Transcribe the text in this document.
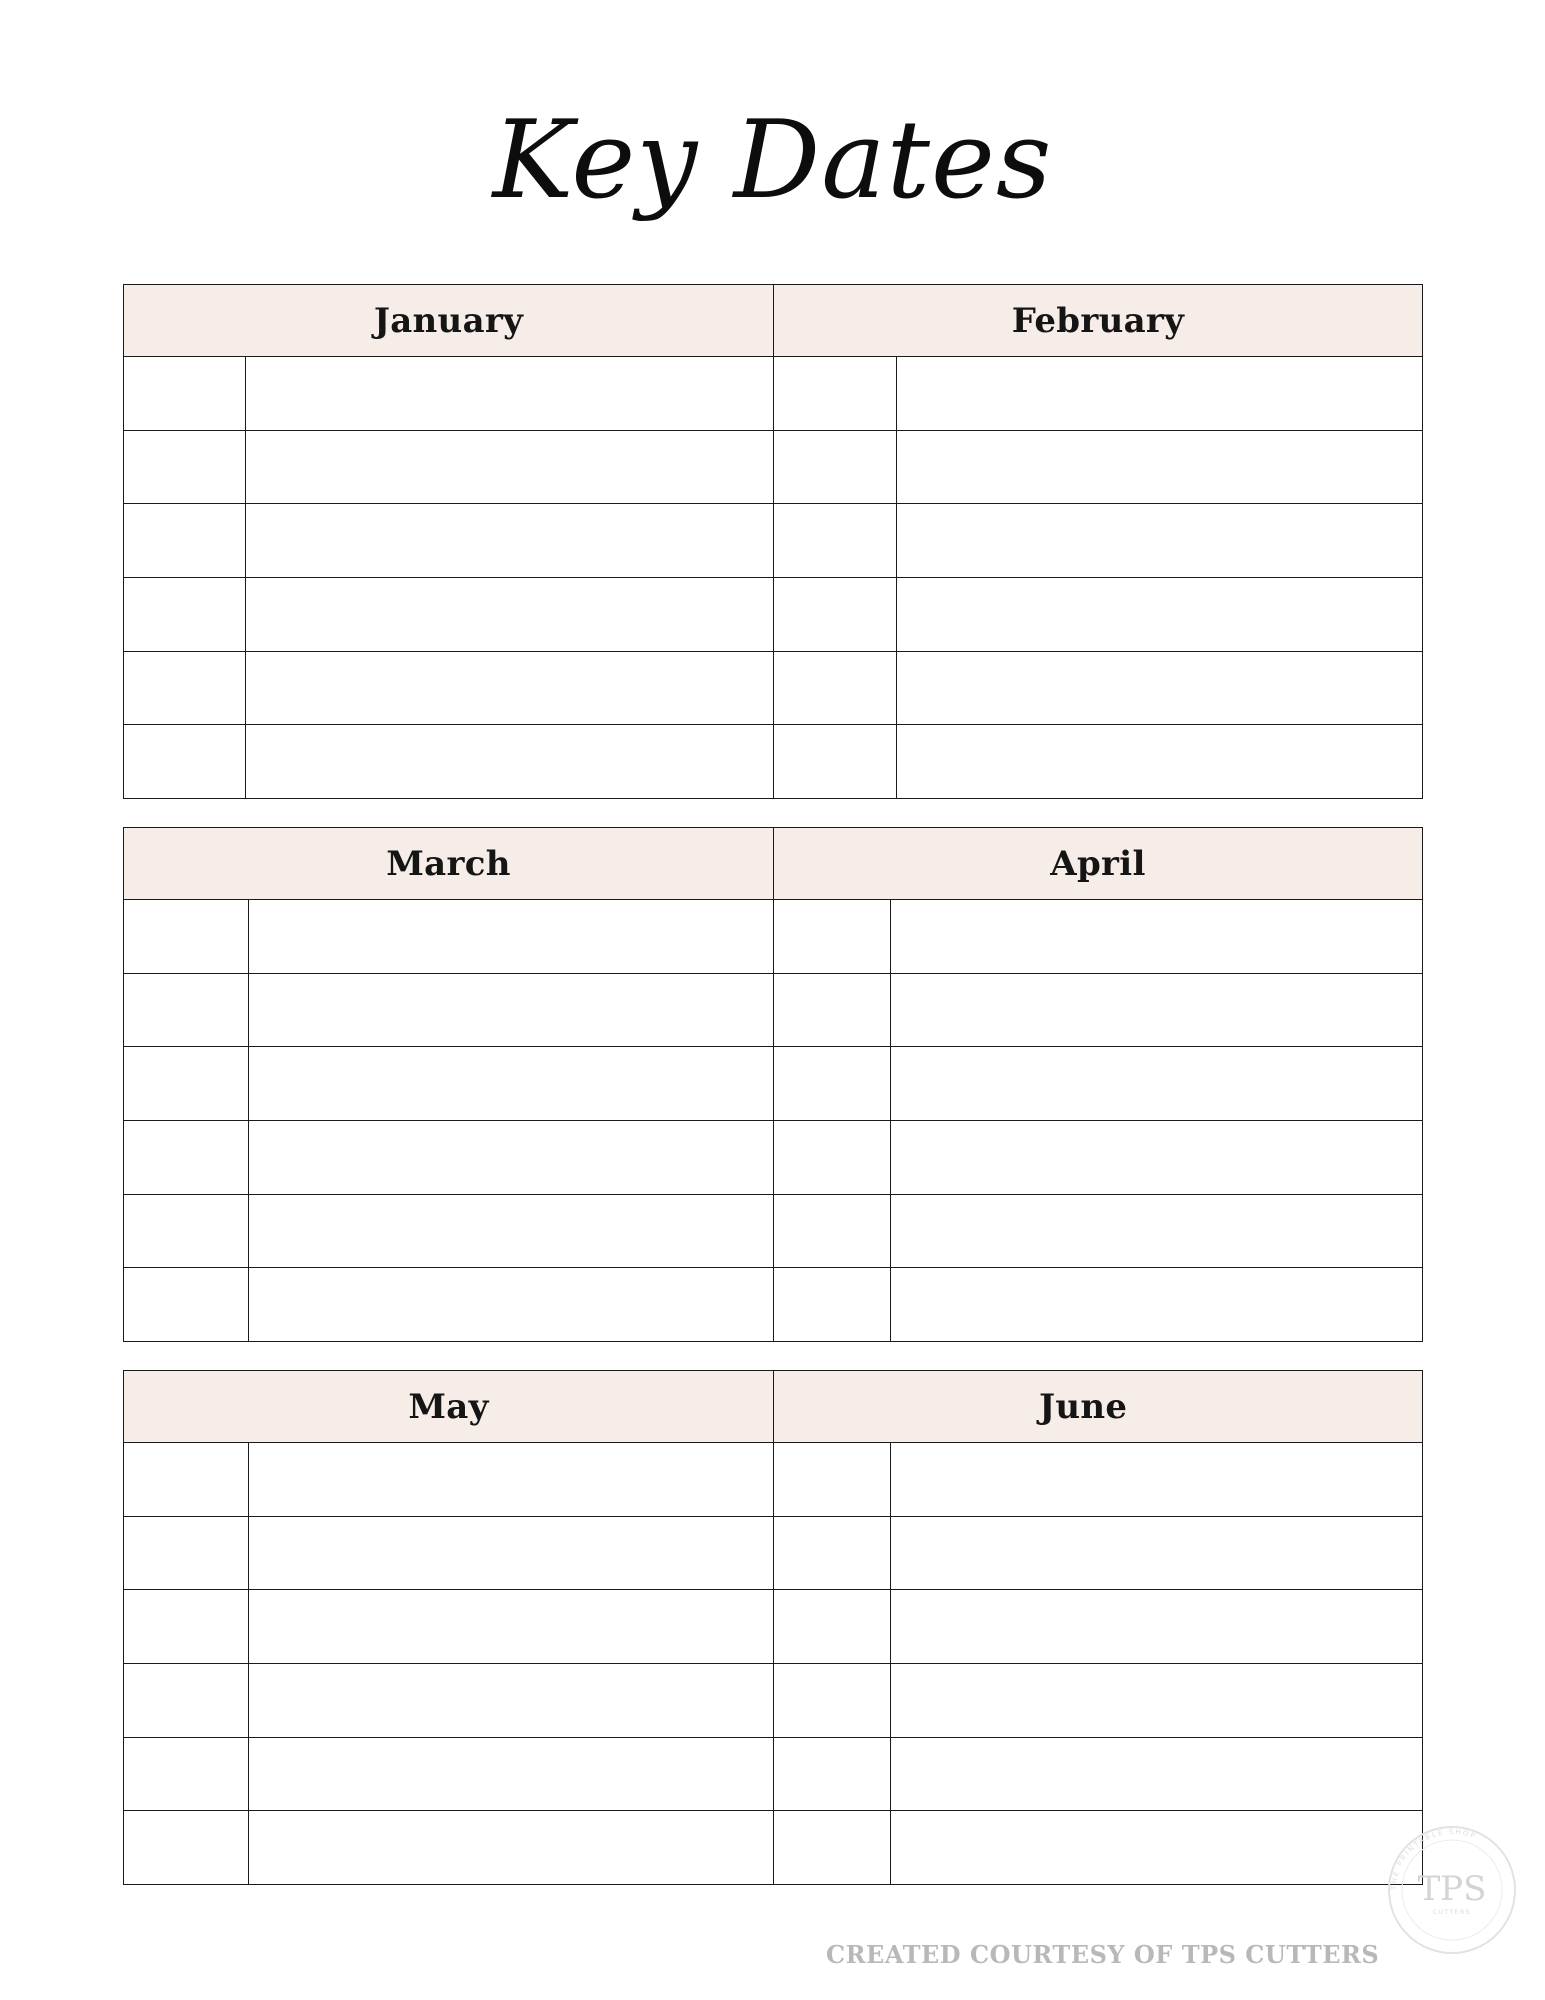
Key Dates
January	February
March	April
May	June
CREATED COURTESY OF TPS CUTTERS
THE PRINTABLE SHOP
TPS
CUTTERS
